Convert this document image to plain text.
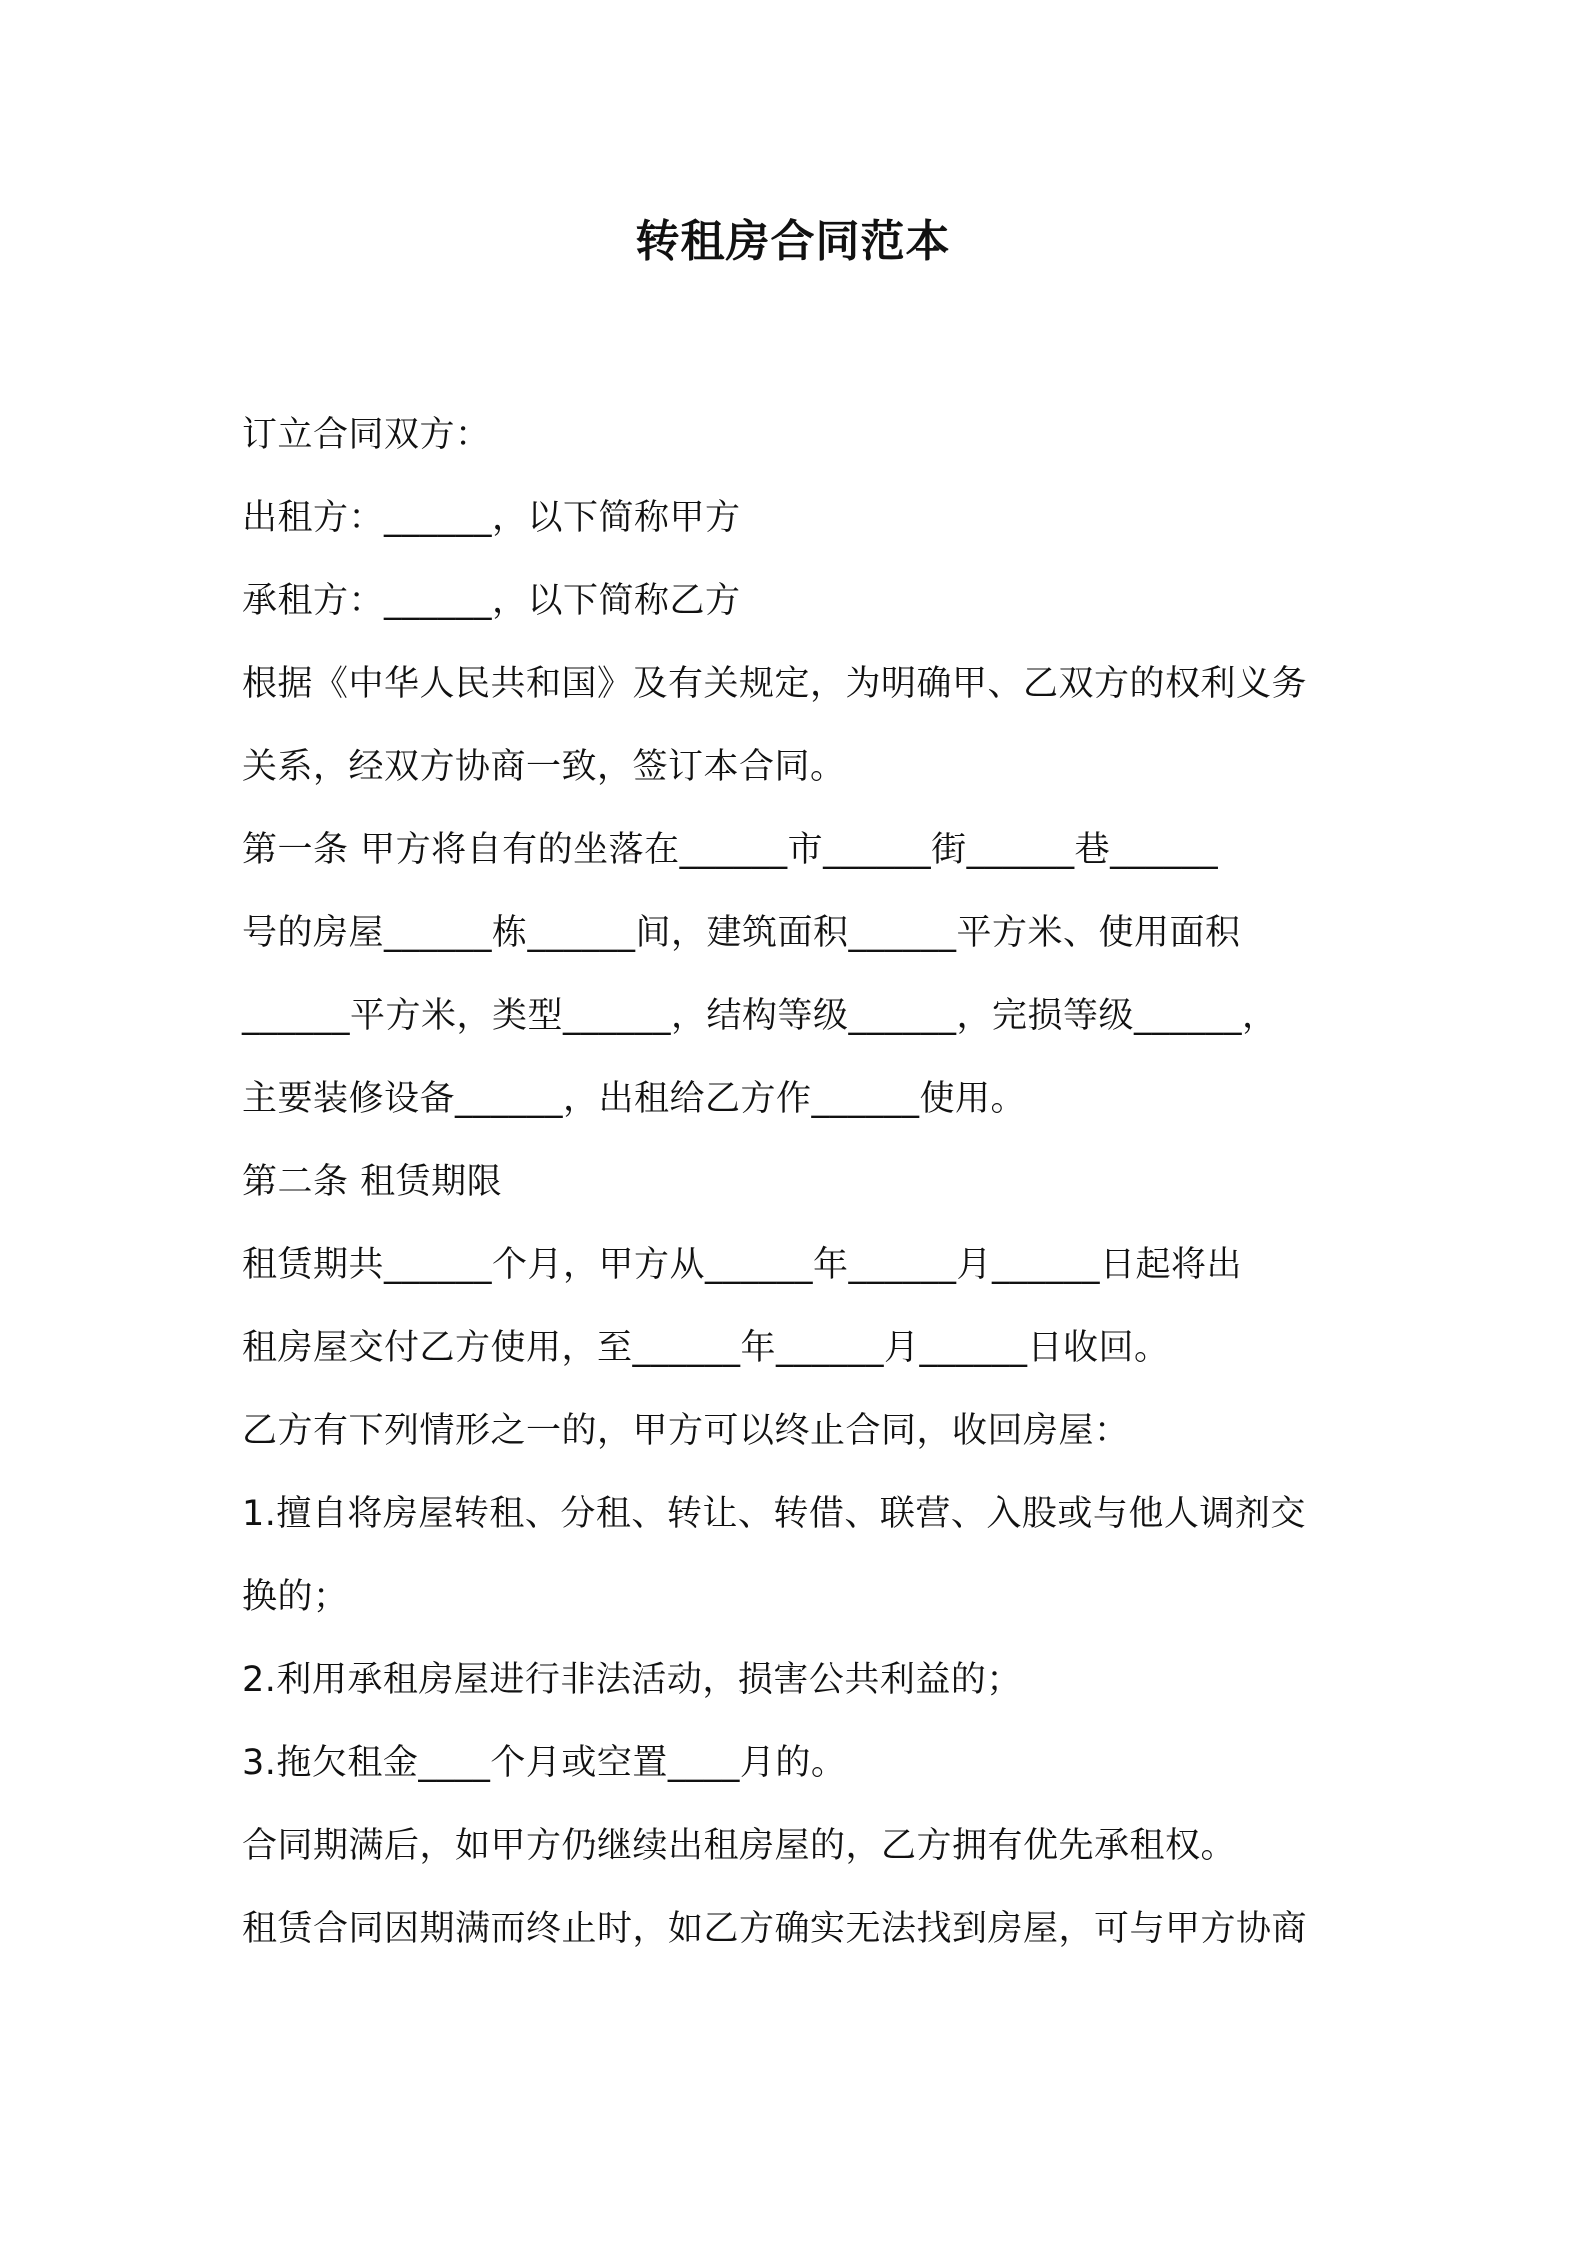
转租房合同范本
订立合同双方：
出租方：______，以下简称甲方
承租方：______，以下简称乙方
根据《中华人民共和国》及有关规定，为明确甲、乙双方的权利义务
关系，经双方协商一致，签订本合同。
第一条 甲方将自有的坐落在______市______街______巷______
号的房屋______栋______间，建筑面积______平方米、使用面积
______平方米，类型______，结构等级______，完损等级______，
主要装修设备______，出租给乙方作______使用。
第二条 租赁期限
租赁期共______个月，甲方从______年______月______日起将出
租房屋交付乙方使用，至______年______月______日收回。
乙方有下列情形之一的，甲方可以终止合同，收回房屋：
1.擅自将房屋转租、分租、转让、转借、联营、入股或与他人调剂交
换的；
2.利用承租房屋进行非法活动，损害公共利益的；
3.拖欠租金____个月或空置____月的。
合同期满后，如甲方仍继续出租房屋的，乙方拥有优先承租权。
租赁合同因期满而终止时，如乙方确实无法找到房屋，可与甲方协商
